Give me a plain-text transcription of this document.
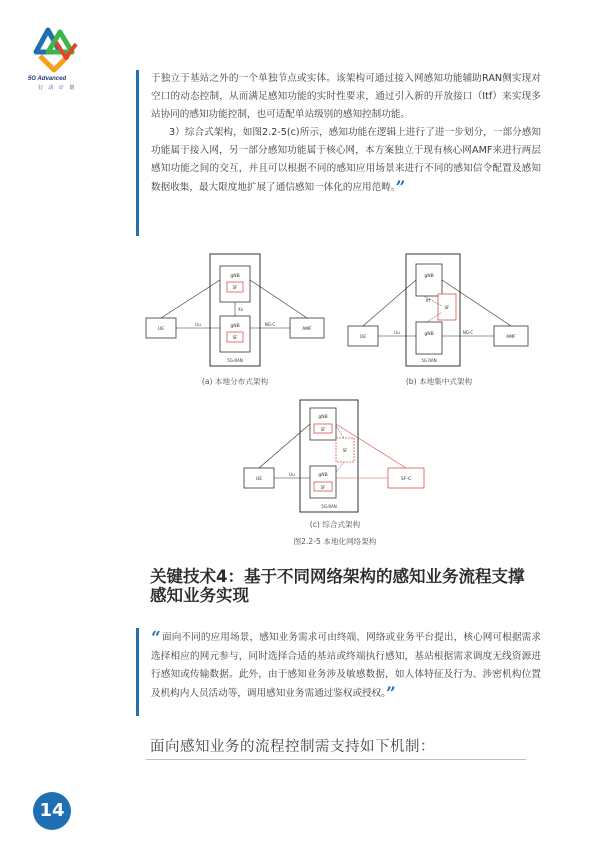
5G Advanced
行 动 计 划

于独立于基站之外的一个单独节点或实体。该架构可通过接入网感知功能辅助RAN侧实现对空口的动态控制，从而满足感知功能的实时性要求，通过引入新的开放接口（Itf）来实现多站协同的感知功能控制，也可适配单站级别的感知控制功能。

3）综合式架构，如图2.2-5(c)所示，感知功能在逻辑上进行了进一步划分，一部分感知功能属于接入网，另一部分感知功能属于核心网，本方案独立于现有核心网AMF来进行两层感知功能之间的交互，并且可以根据不同的感知应用场景来进行不同的感知信令配置及感知数据收集，最大限度地扩展了通信感知一体化的应用范畴。”

gNB
SF
Xn
gNB
SF
5G-RAN
UE	AMF
Uu	NG-C
(a) 本地分布式架构
gNB
SF
Itf
gNB
5G RAN
UE	AMF
Uu	NG-C
(b) 本地集中式架构
gNB
SF
SF
gNB
SF
5G-RAN
UE	SF-C
Uu
(c) 综合式架构
图2.2-5 本地化网络架构
关键技术4：基于不同网络架构的感知业务流程支撑感知业务实现

“ 面向不同的应用场景，感知业务需求可由终端、网络或业务平台提出，核心网可根据需求选择相应的网元参与，同时选择合适的基站或终端执行感知，基站根据需求调度无线资源进行感知或传输数据。此外，由于感知业务涉及敏感数据，如人体特征及行为、涉密机构位置及机构内人员活动等，调用感知业务需通过鉴权或授权。”

面向感知业务的流程控制需支持如下机制：
14
